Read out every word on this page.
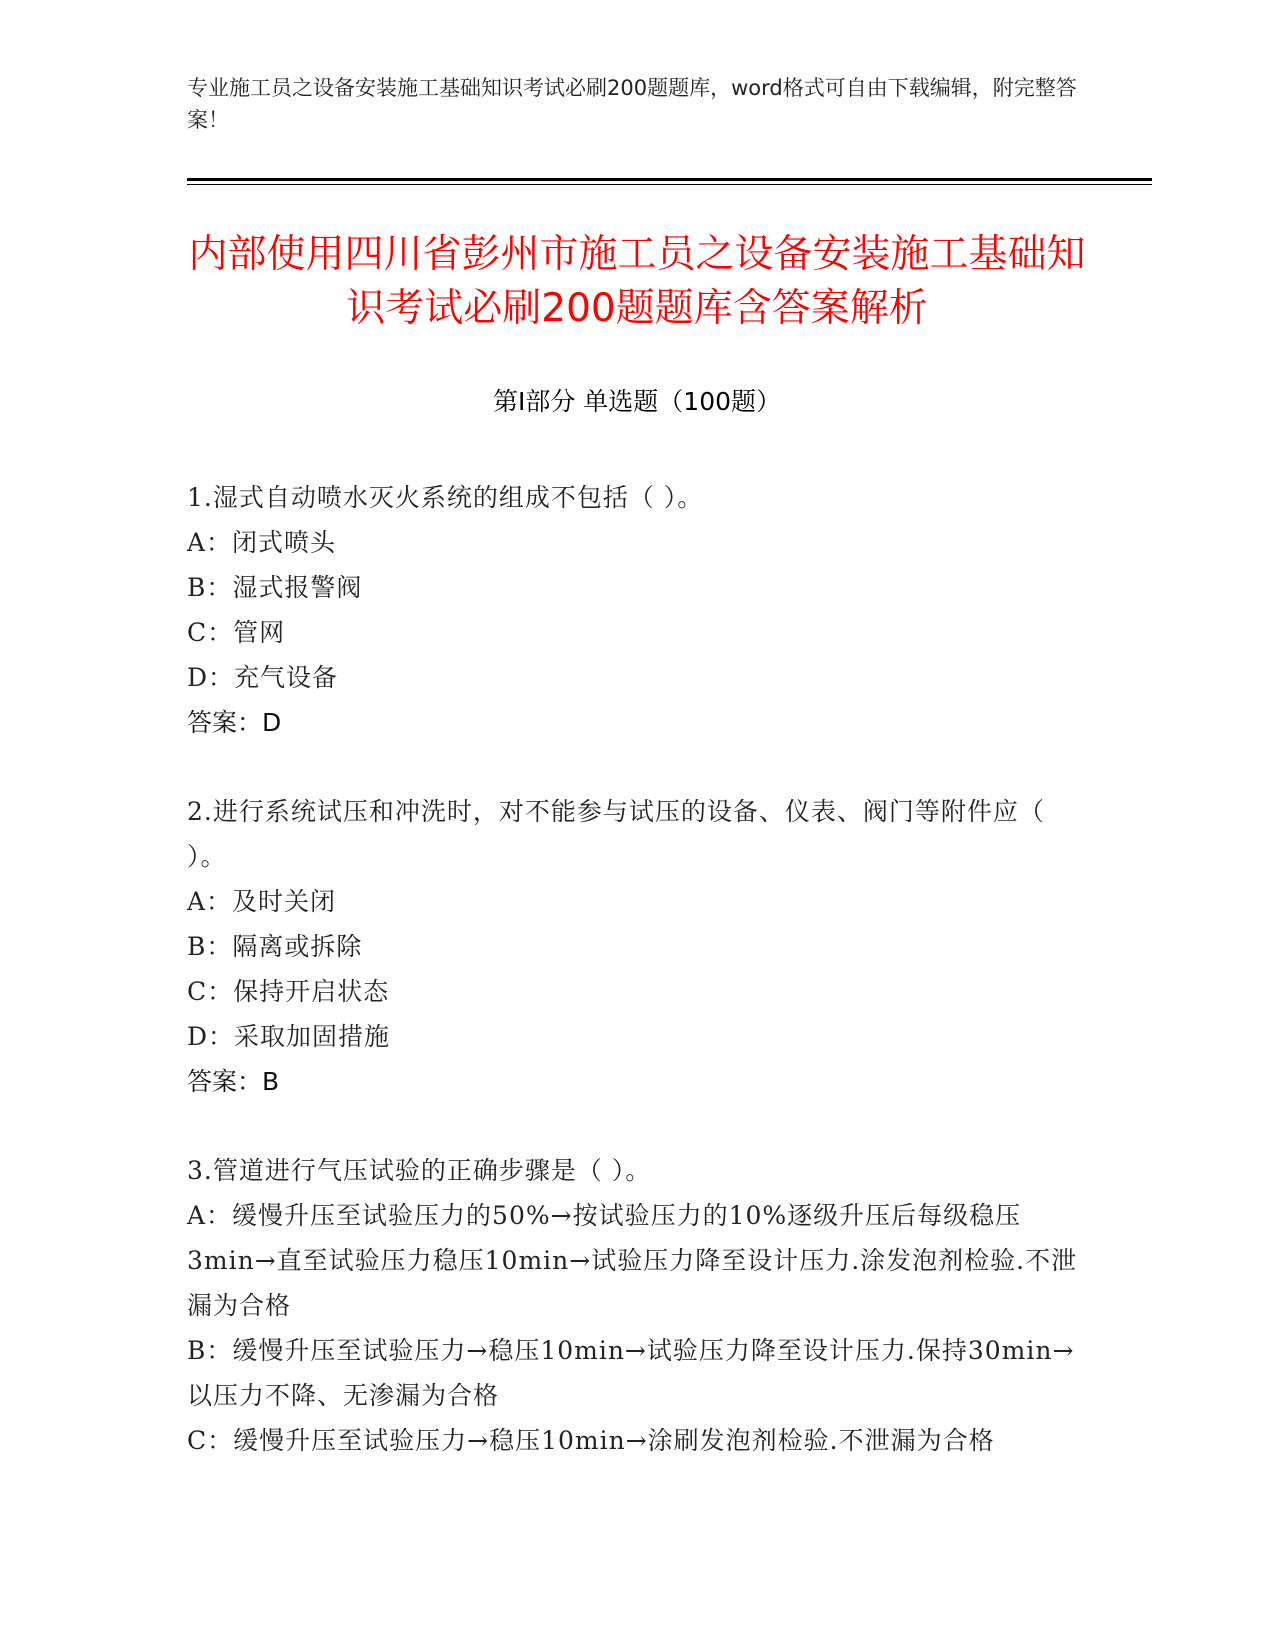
专业施工员之设备安装施工基础知识考试必刷200题题库，word格式可自由下载编辑，附完整答案！
内部使用四川省彭州市施工员之设备安装施工基础知识考试必刷200题题库含答案解析
第Ⅰ部分 单选题（100题）
1.湿式自动喷水灭火系统的组成不包括（ ）。
A：闭式喷头
B：湿式报警阀
C：管网
D：充气设备
答案：D
2.进行系统试压和冲洗时，对不能参与试压的设备、仪表、阀门等附件应（ ）。
A：及时关闭
B：隔离或拆除
C：保持开启状态
D：采取加固措施
答案：B
3.管道进行气压试验的正确步骤是（ ）。
A：缓慢升压至试验压力的50%→按试验压力的10%逐级升压后每级稳压3min→直至试验压力稳压10min→试验压力降至设计压力.涂发泡剂检验.不泄漏为合格
B：缓慢升压至试验压力→稳压10min→试验压力降至设计压力.保持30min→以压力不降、无渗漏为合格
C：缓慢升压至试验压力→稳压10min→涂刷发泡剂检验.不泄漏为合格
